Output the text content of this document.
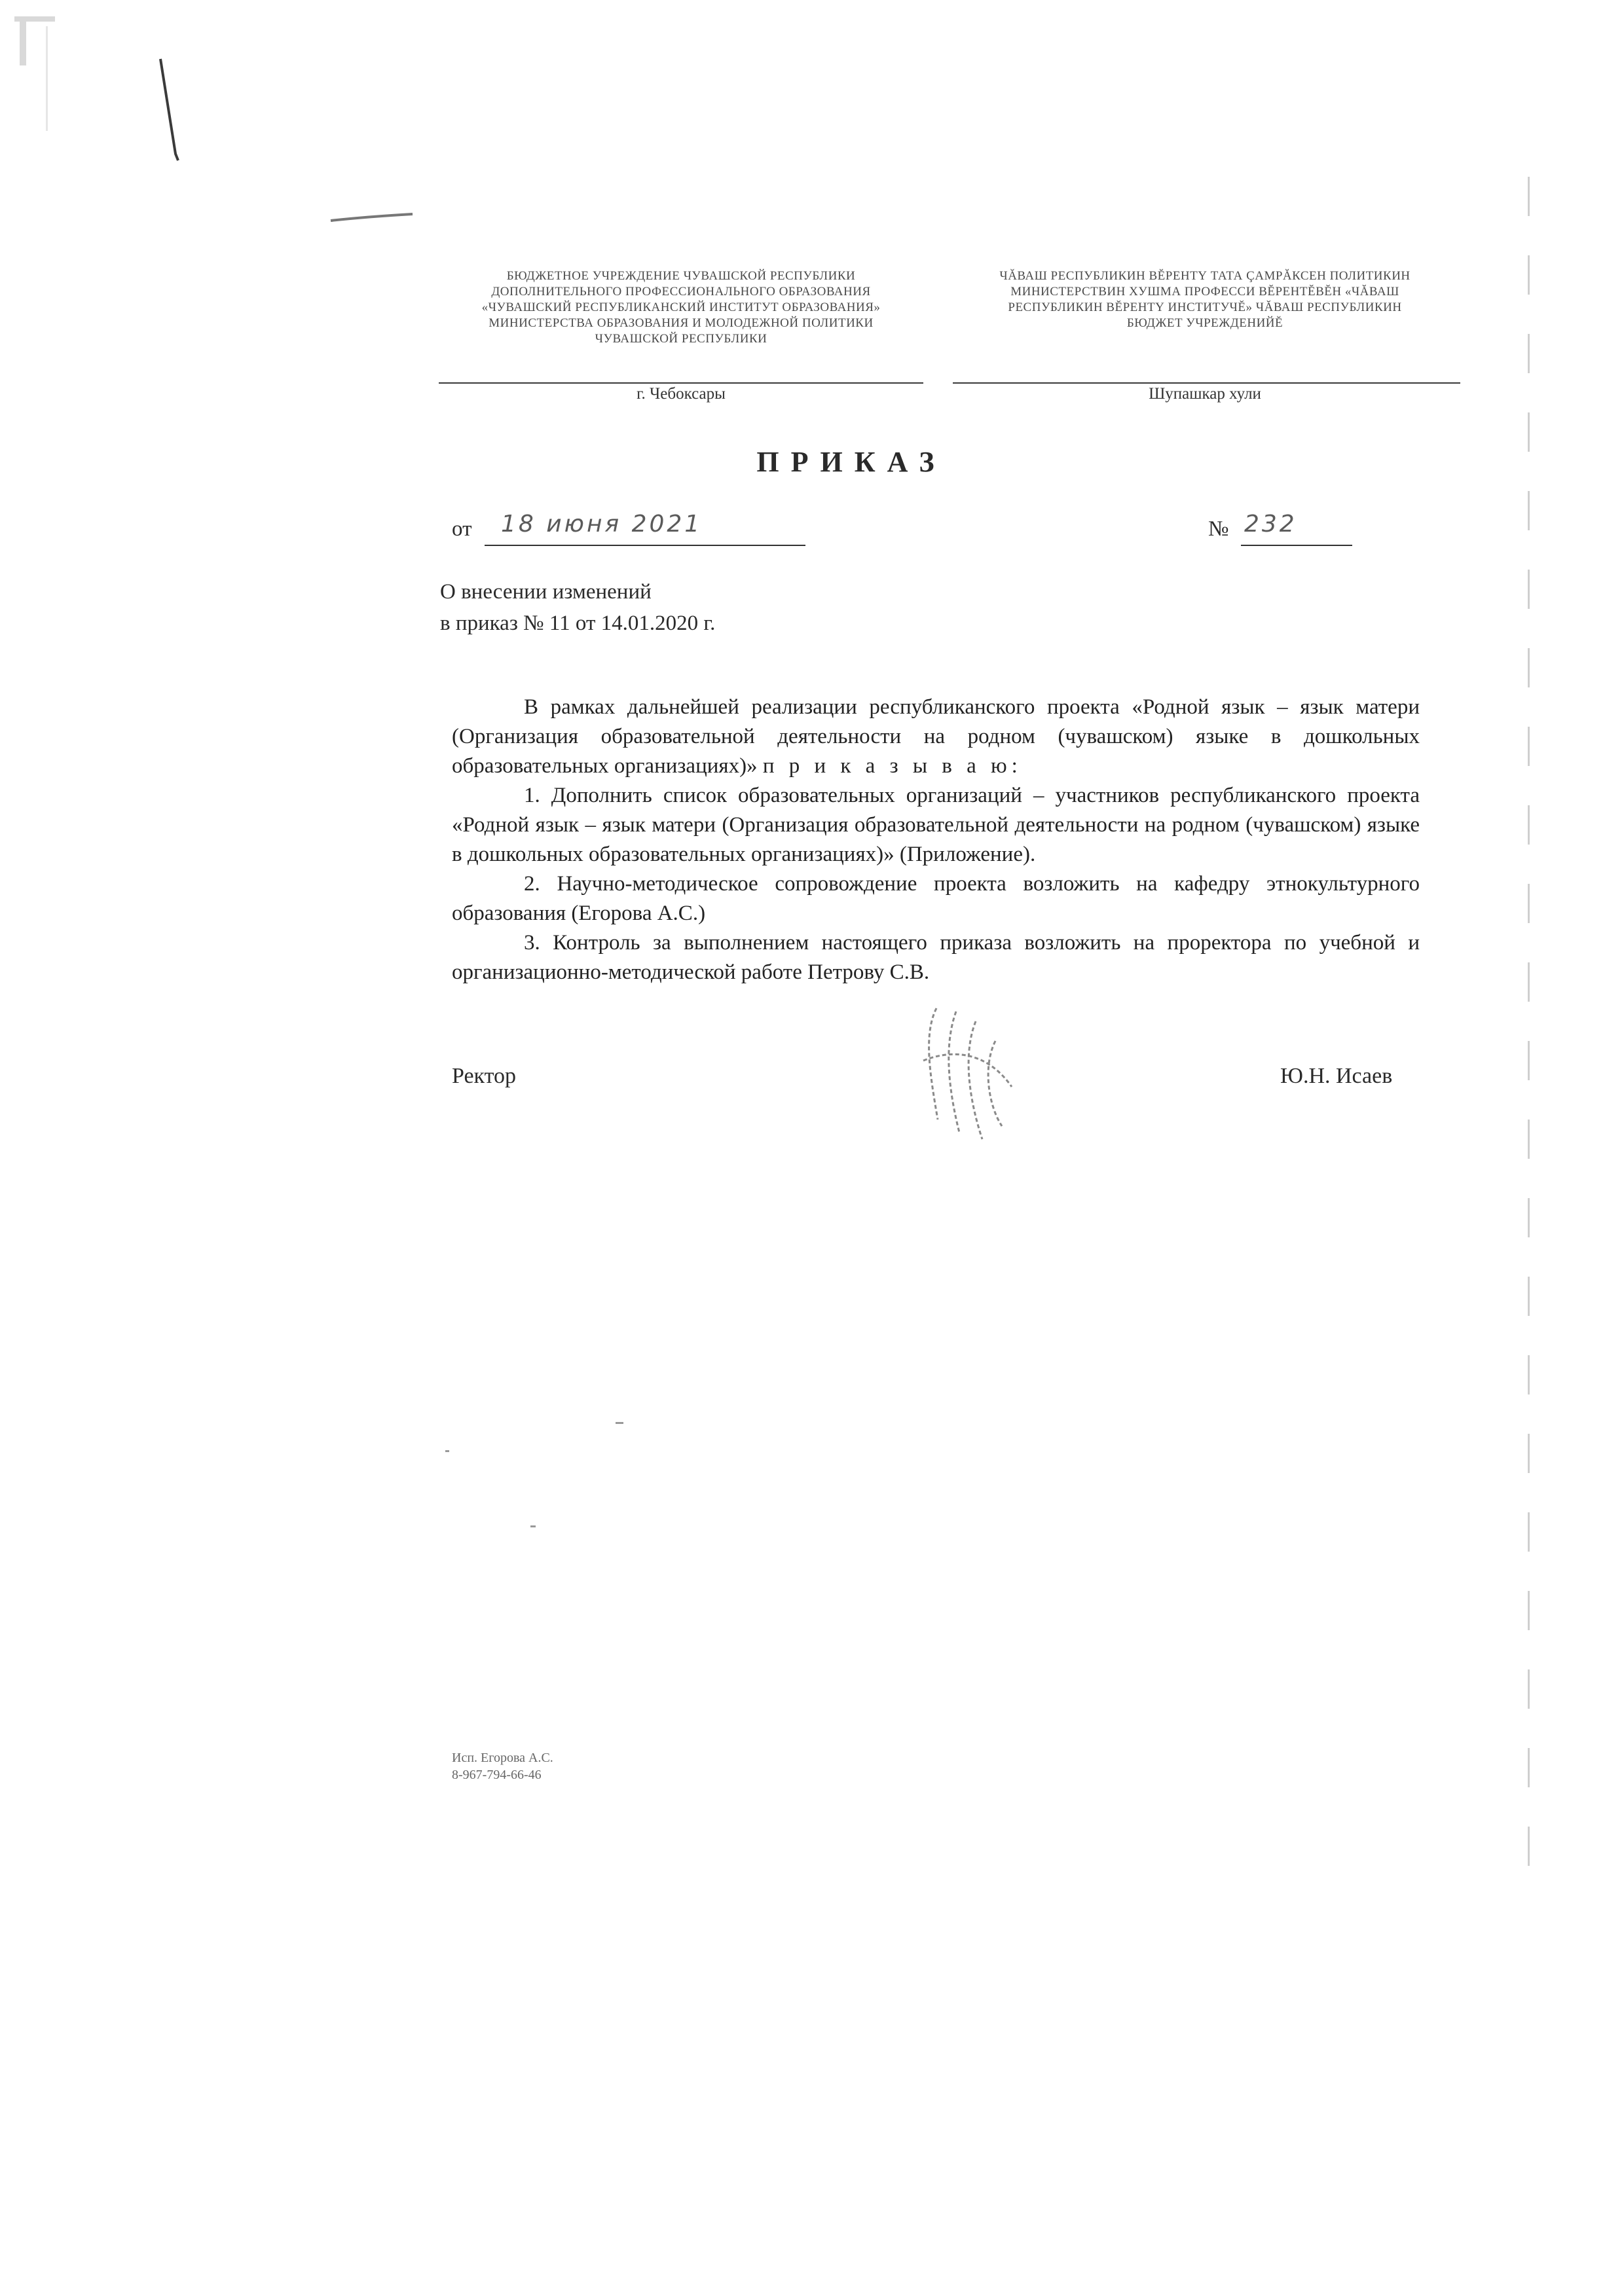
БЮДЖЕТНОЕ УЧРЕЖДЕНИЕ ЧУВАШСКОЙ РЕСПУБЛИКИ
ДОПОЛНИТЕЛЬНОГО ПРОФЕССИОНАЛЬНОГО ОБРАЗОВАНИЯ
«ЧУВАШСКИЙ РЕСПУБЛИКАНСКИЙ ИНСТИТУТ ОБРАЗОВАНИЯ»
МИНИСТЕРСТВА ОБРАЗОВАНИЯ И МОЛОДЕЖНОЙ ПОЛИТИКИ
ЧУВАШСКОЙ РЕСПУБЛИКИ
ЧĂВАШ РЕСПУБЛИКИН ВĔРЕНТҮ ТАТА ÇАМРĂКСЕН ПОЛИТИКИН
МИНИСТЕРСТВИН ХУШМА ПРОФЕССИ ВĔРЕНТĔВĔН «ЧĂВАШ
РЕСПУБЛИКИН ВĔРЕНТҮ ИНСТИТУЧĔ» ЧĂВАШ РЕСПУБЛИКИН
БЮДЖЕТ УЧРЕЖДЕНИЙĔ
г. Чебоксары	Шупашкар хули
ПРИКАЗ
от 18 июня 2021	№ 232
О внесении изменений
в приказ № 11 от 14.01.2020 г.

В рамках дальнейшей реализации республиканского проекта «Родной язык – язык матери (Организация образовательной деятельности на родном (чувашском) языке в дошкольных образовательных организациях)» п р и к а з ы в а ю:

1. Дополнить список образовательных организаций – участников республиканского проекта «Родной язык – язык матери (Организация образовательной деятельности на родном (чувашском) языке в дошкольных образовательных организациях)» (Приложение).

2. Научно-методическое сопровождение проекта возложить на кафедру этнокультурного образования (Егорова А.С.)

3. Контроль за выполнением настоящего приказа возложить на проректора по учебной и организационно-методической работе Петрову С.В.

Ректор	Ю.Н. Исаев
Исп. Егорова А.С.
8-967-794-66-46
